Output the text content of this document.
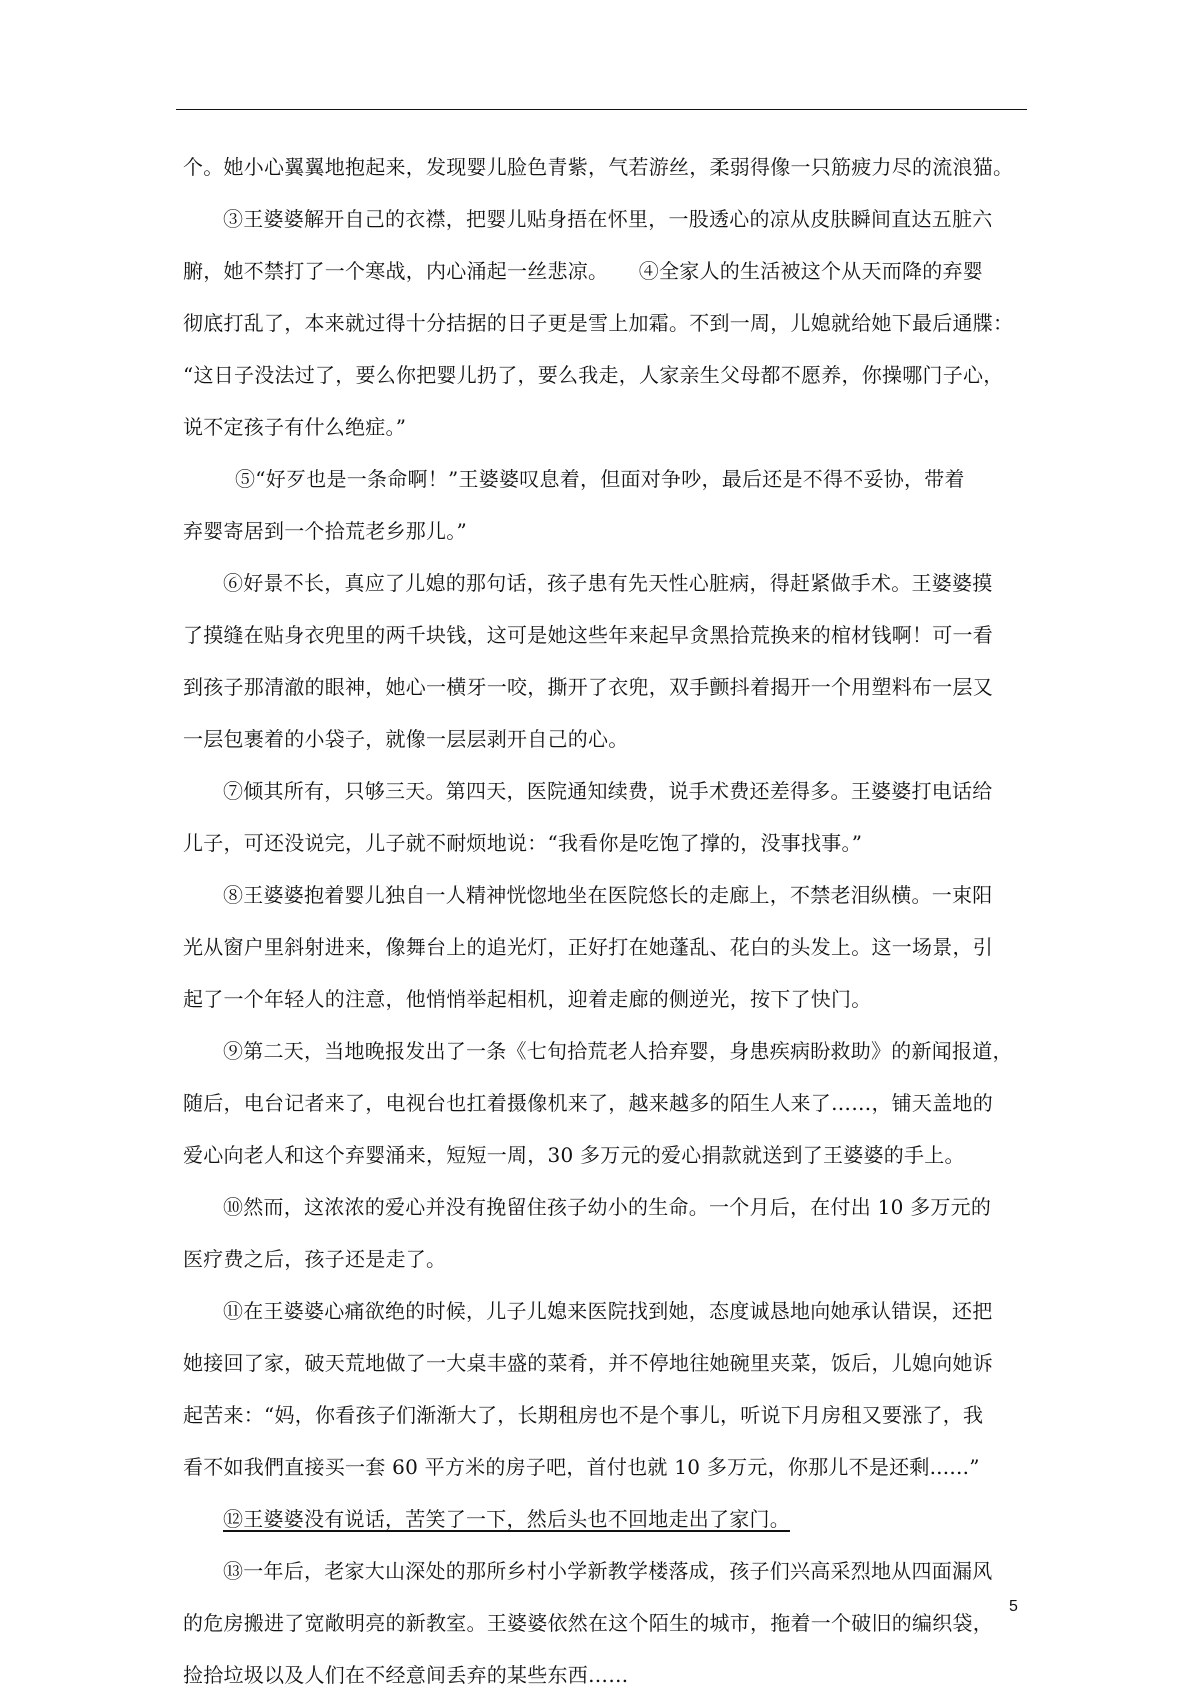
个。她小心翼翼地抱起来，发现婴儿脸色青紫，气若游丝，柔弱得像一只筋疲力尽的流浪猫。
③王婆婆解开自己的衣襟，把婴儿贴身捂在怀里，一股透心的凉从皮肤瞬间直达五脏六
腑，她不禁打了一个寒战，内心涌起一丝悲凉。　　④全家人的生活被这个从天而降的弃婴
彻底打乱了，本来就过得十分拮据的日子更是雪上加霜。不到一周，儿媳就给她下最后通牒：
“这日子没法过了，要么你把婴儿扔了，要么我走，人家亲生父母都不愿养，你操哪门子心，
说不定孩子有什么绝症。”
⑤“好歹也是一条命啊！”王婆婆叹息着，但面对争吵，最后还是不得不妥协，带着
弃婴寄居到一个拾荒老乡那儿。”
⑥好景不长，真应了儿媳的那句话，孩子患有先天性心脏病，得赶紧做手术。王婆婆摸
了摸缝在贴身衣兜里的两千块钱，这可是她这些年来起早贪黑拾荒换来的棺材钱啊！可一看
到孩子那清澈的眼神，她心一横牙一咬，撕开了衣兜，双手颤抖着揭开一个用塑料布一层又
一层包裹着的小袋子，就像一层层剥开自己的心。
⑦倾其所有，只够三天。第四天，医院通知续费，说手术费还差得多。王婆婆打电话给
儿子，可还没说完，儿子就不耐烦地说：“我看你是吃饱了撑的，没事找事。”
⑧王婆婆抱着婴儿独自一人精神恍惚地坐在医院悠长的走廊上，不禁老泪纵横。一束阳
光从窗户里斜射进来，像舞台上的追光灯，正好打在她蓬乱、花白的头发上。这一场景，引
起了一个年轻人的注意，他悄悄举起相机，迎着走廊的侧逆光，按下了快门。
⑨第二天，当地晚报发出了一条《七旬拾荒老人拾弃婴，身患疾病盼救助》的新闻报道，
随后，电台记者来了，电视台也扛着摄像机来了，越来越多的陌生人来了……，铺天盖地的
爱心向老人和这个弃婴涌来，短短一周，30 多万元的爱心捐款就送到了王婆婆的手上。
⑩然而，这浓浓的爱心并没有挽留住孩子幼小的生命。一个月后，在付出 10 多万元的
医疗费之后，孩子还是走了。
⑪在王婆婆心痛欲绝的时候，儿子儿媳来医院找到她，态度诚恳地向她承认错误，还把
她接回了家，破天荒地做了一大桌丰盛的菜肴，并不停地往她碗里夹菜，饭后，儿媳向她诉
起苦来：“妈，你看孩子们渐渐大了，长期租房也不是个事儿，听说下月房租又要涨了，我
看不如我們直接买一套 60 平方米的房子吧，首付也就 10 多万元，你那儿不是还剩......”
⑫王婆婆没有说话，苦笑了一下，然后头也不回地走出了家门。
⑬一年后，老家大山深处的那所乡村小学新教学楼落成，孩子们兴高采烈地从四面漏风
的危房搬进了宽敞明亮的新教室。王婆婆依然在这个陌生的城市，拖着一个破旧的编织袋，
捡拾垃圾以及人们在不经意间丢弃的某些东西……
5
